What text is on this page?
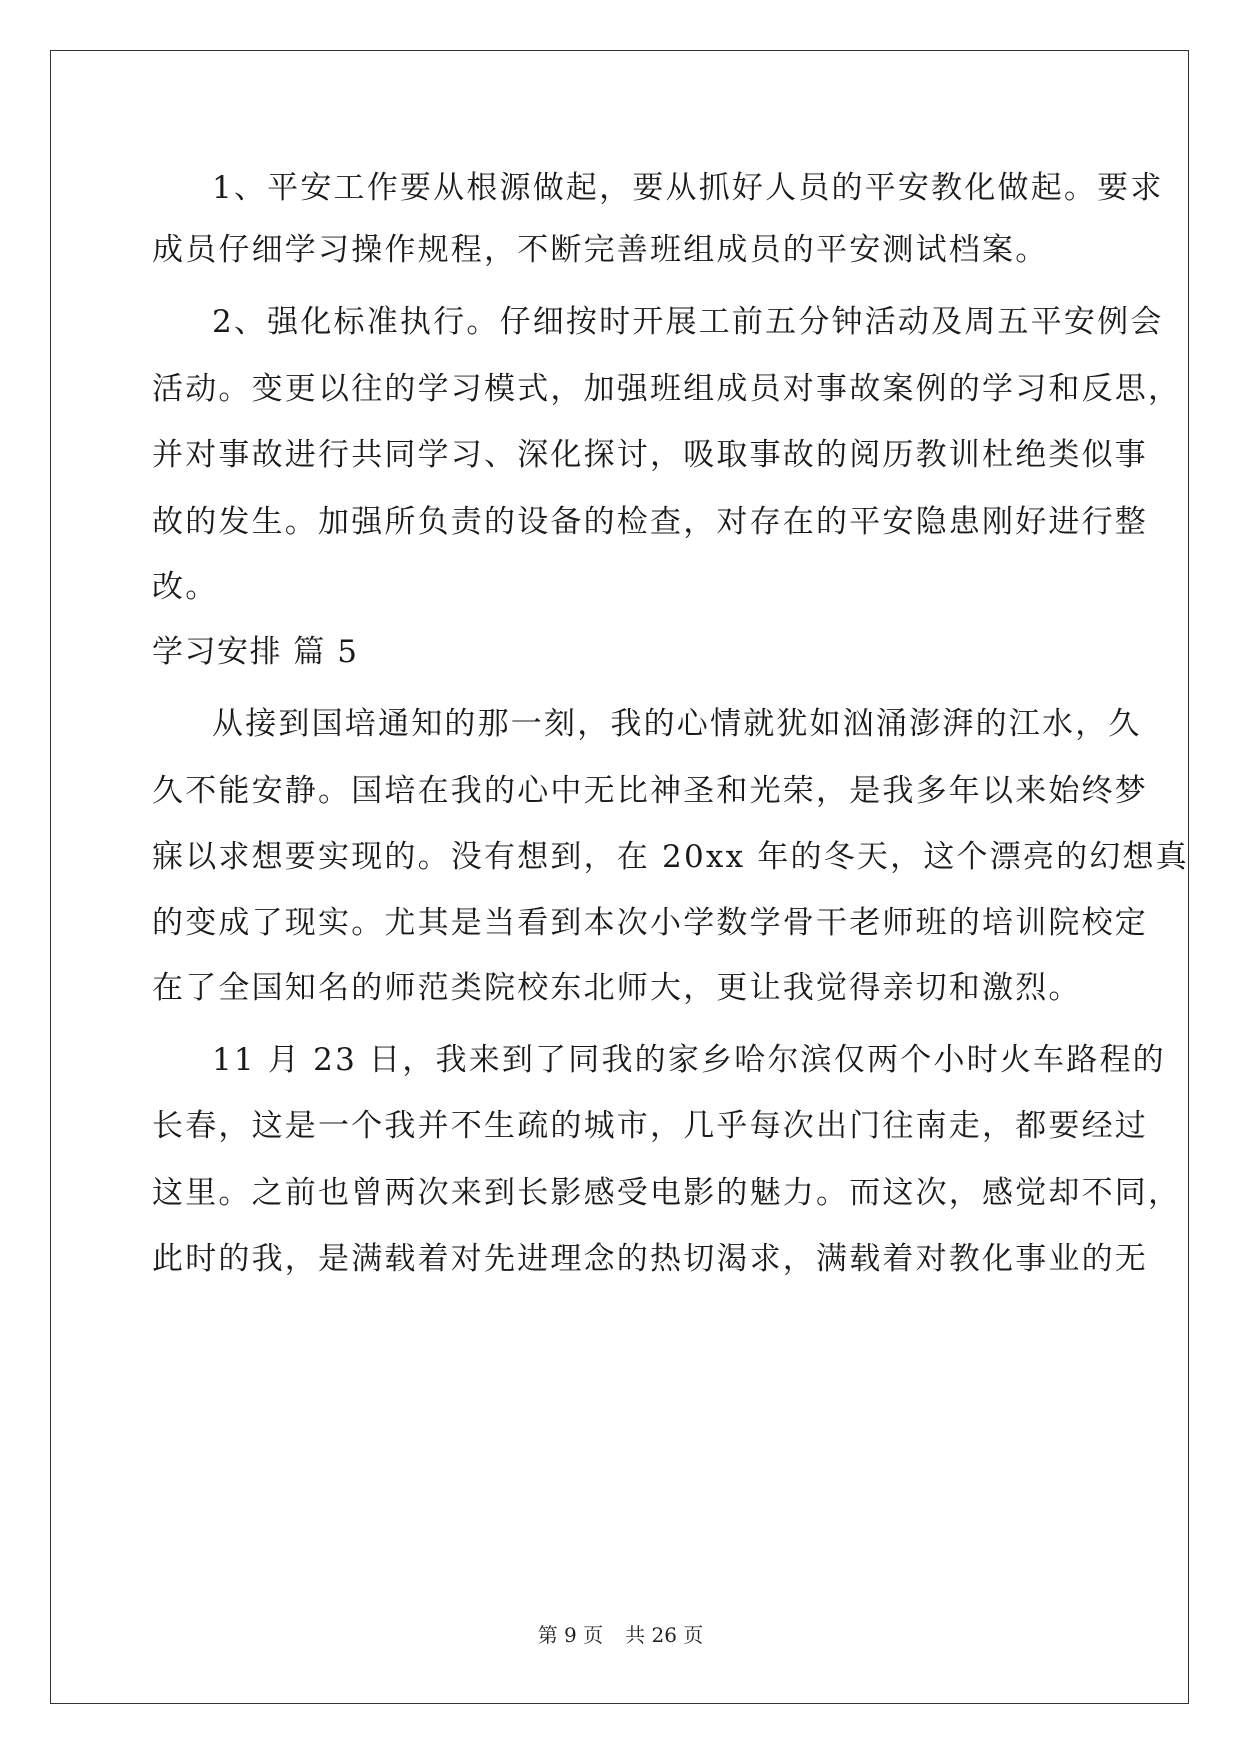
1、平安工作要从根源做起，要从抓好人员的平安教化做起。要求
成员仔细学习操作规程，不断完善班组成员的平安测试档案。
2、强化标准执行。仔细按时开展工前五分钟活动及周五平安例会
活动。变更以往的学习模式，加强班组成员对事故案例的学习和反思，
并对事故进行共同学习、深化探讨，吸取事故的阅历教训杜绝类似事
故的发生。加强所负责的设备的检查，对存在的平安隐患刚好进行整
改。
学习安排 篇 5
从接到国培通知的那一刻，我的心情就犹如汹涌澎湃的江水，久
久不能安静。国培在我的心中无比神圣和光荣，是我多年以来始终梦
寐以求想要实现的。没有想到，在 20xx 年的冬天，这个漂亮的幻想真
的变成了现实。尤其是当看到本次小学数学骨干老师班的培训院校定
在了全国知名的师范类院校东北师大，更让我觉得亲切和激烈。
11 月 23 日，我来到了同我的家乡哈尔滨仅两个小时火车路程的
长春，这是一个我并不生疏的城市，几乎每次出门往南走，都要经过
这里。之前也曾两次来到长影感受电影的魅力。而这次，感觉却不同，
此时的我，是满载着对先进理念的热切渴求，满载着对教化事业的无
第 9 页 共 26 页
